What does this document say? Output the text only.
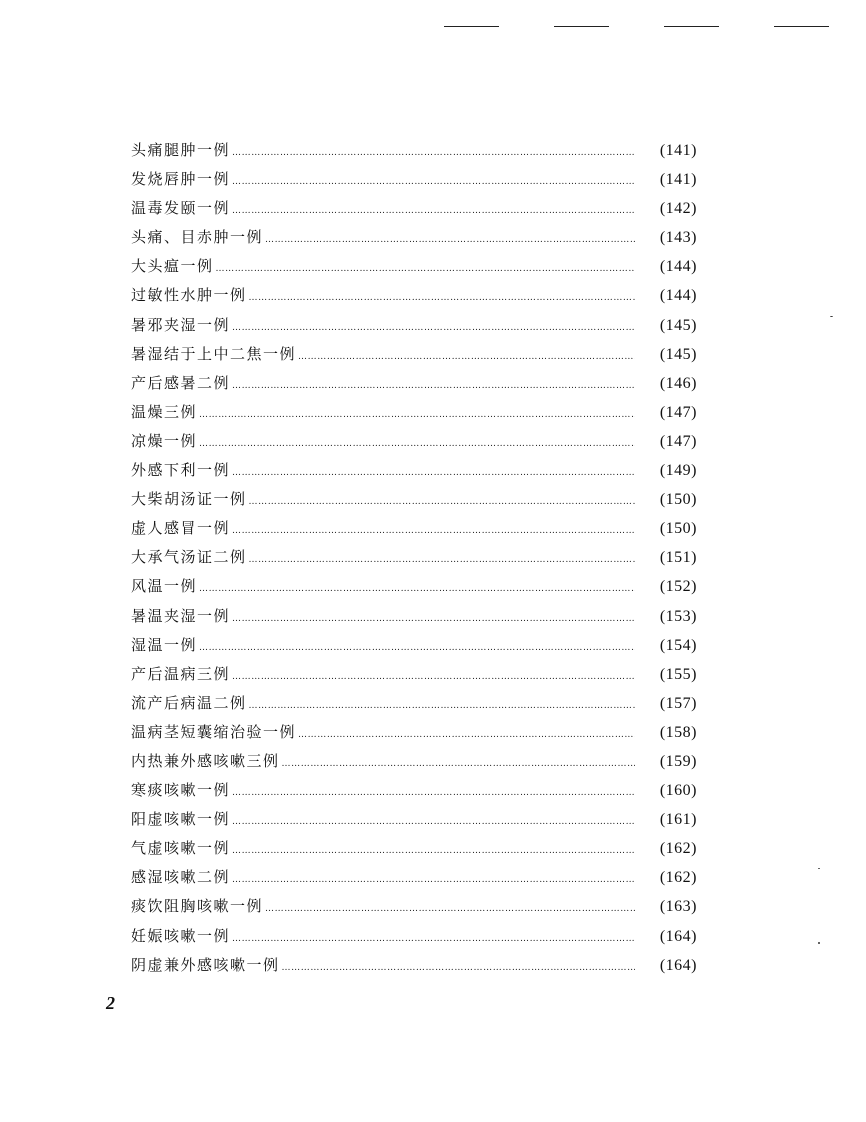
头痛腿肿一例 ……………………………………………………………………………………………………………………………………………………………………………………………………	(141)
发烧唇肿一例 ……………………………………………………………………………………………………………………………………………………………………………………………………	(141)
温毒发颐一例 ……………………………………………………………………………………………………………………………………………………………………………………………………	(142)
头痛、目赤肿一例 ……………………………………………………………………………………………………………………………………………………………………………………………………	(143)
大头瘟一例 ……………………………………………………………………………………………………………………………………………………………………………………………………	(144)
过敏性水肿一例 ……………………………………………………………………………………………………………………………………………………………………………………………………	(144)
暑邪夹湿一例 ……………………………………………………………………………………………………………………………………………………………………………………………………	(145)
暑湿结于上中二焦一例 ……………………………………………………………………………………………………………………………………………………………………………………………………	(145)
产后感暑二例 ……………………………………………………………………………………………………………………………………………………………………………………………………	(146)
温燥三例 ……………………………………………………………………………………………………………………………………………………………………………………………………	(147)
凉燥一例 ……………………………………………………………………………………………………………………………………………………………………………………………………	(147)
外感下利一例 ……………………………………………………………………………………………………………………………………………………………………………………………………	(149)
大柴胡汤证一例 ……………………………………………………………………………………………………………………………………………………………………………………………………	(150)
虚人感冒一例 ……………………………………………………………………………………………………………………………………………………………………………………………………	(150)
大承气汤证二例 ……………………………………………………………………………………………………………………………………………………………………………………………………	(151)
风温一例 ……………………………………………………………………………………………………………………………………………………………………………………………………	(152)
暑温夹湿一例 ……………………………………………………………………………………………………………………………………………………………………………………………………	(153)
湿温一例 ……………………………………………………………………………………………………………………………………………………………………………………………………	(154)
产后温病三例 ……………………………………………………………………………………………………………………………………………………………………………………………………	(155)
流产后病温二例 ……………………………………………………………………………………………………………………………………………………………………………………………………	(157)
温病茎短囊缩治验一例 ……………………………………………………………………………………………………………………………………………………………………………………………………	(158)
内热兼外感咳嗽三例 ……………………………………………………………………………………………………………………………………………………………………………………………………	(159)
寒痰咳嗽一例 ……………………………………………………………………………………………………………………………………………………………………………………………………	(160)
阳虚咳嗽一例 ……………………………………………………………………………………………………………………………………………………………………………………………………	(161)
气虚咳嗽一例 ……………………………………………………………………………………………………………………………………………………………………………………………………	(162)
感湿咳嗽二例 ……………………………………………………………………………………………………………………………………………………………………………………………………	(162)
痰饮阻胸咳嗽一例 ……………………………………………………………………………………………………………………………………………………………………………………………………	(163)
妊娠咳嗽一例 ……………………………………………………………………………………………………………………………………………………………………………………………………	(164)
阴虚兼外感咳嗽一例 ……………………………………………………………………………………………………………………………………………………………………………………………………	(164)
2
